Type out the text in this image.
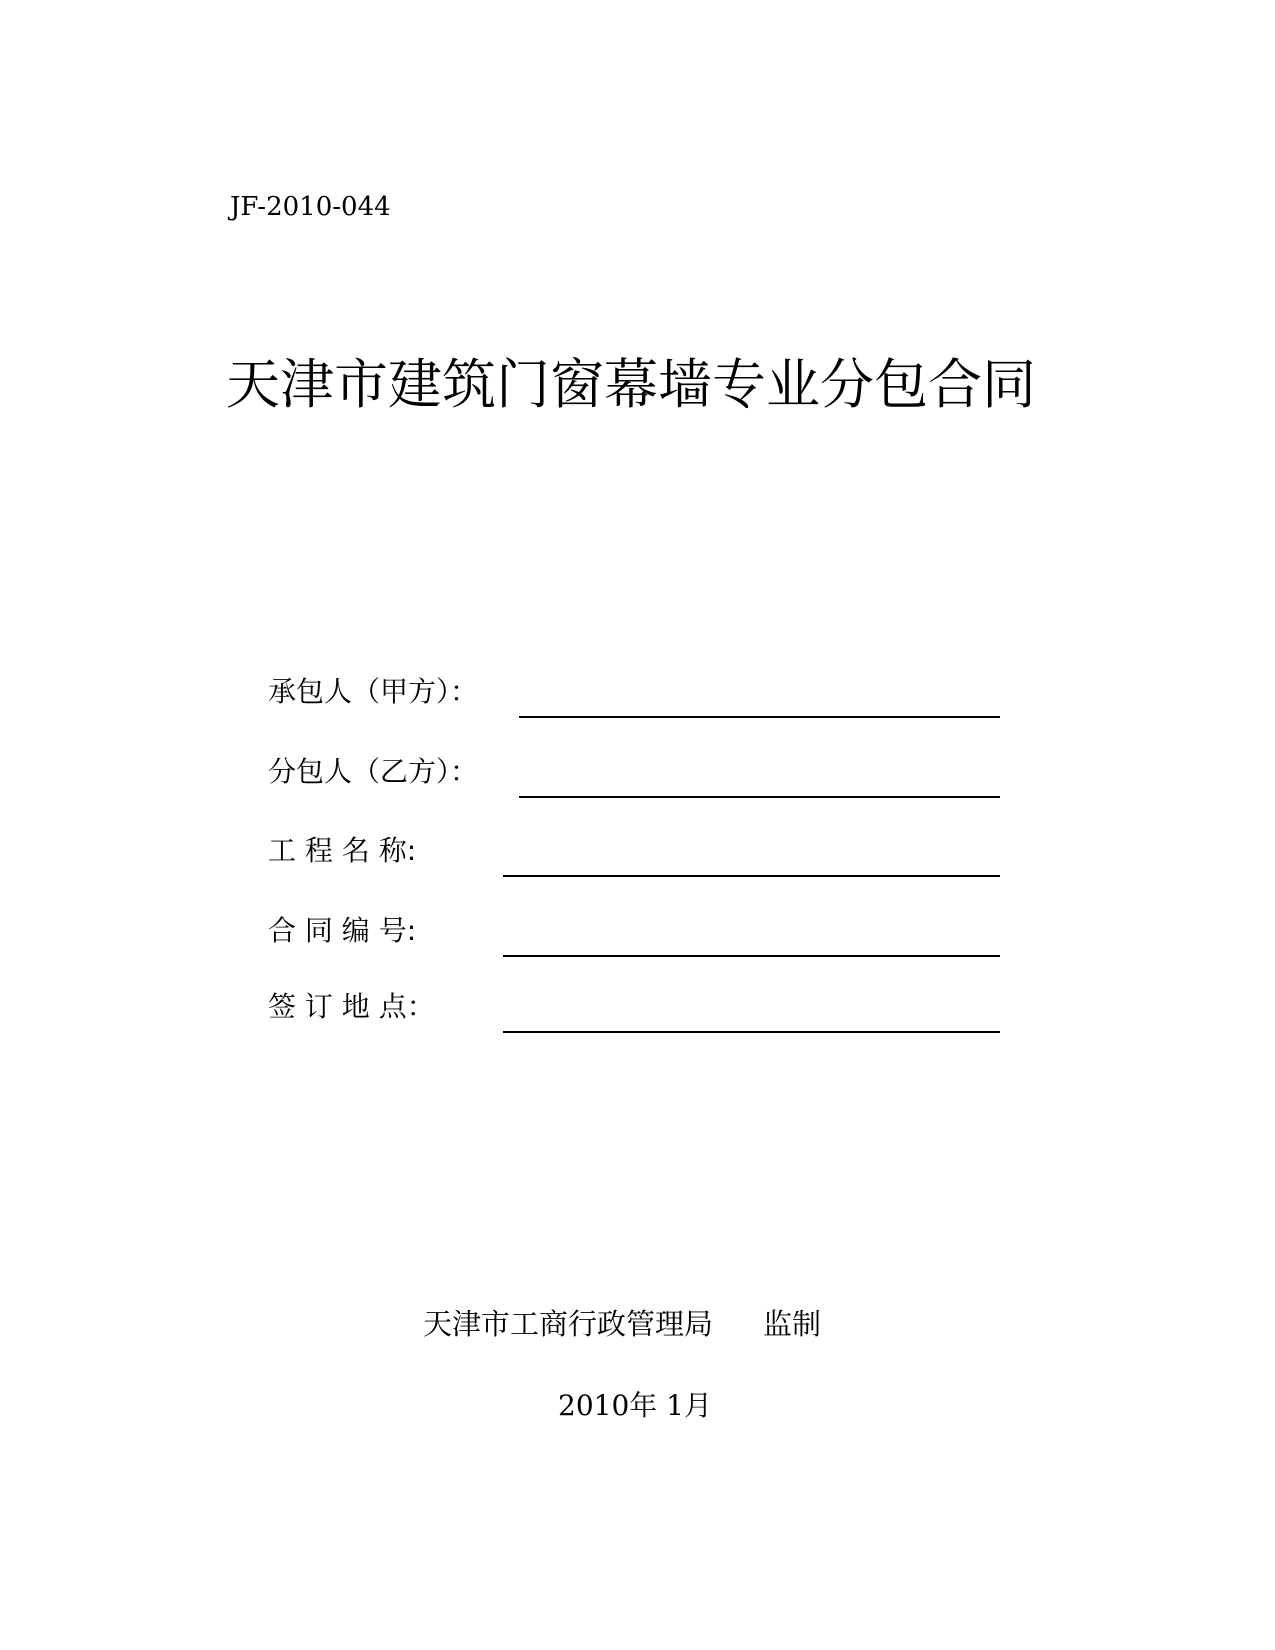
JF-2010-044
天津市建筑门窗幕墙专业分包合同
承包人（甲方）：
分包人（乙方）：
工 程 名 称:
合 同 编 号:
签 订 地 点：
天津市工商行政管理局 监制
2010年 1月
